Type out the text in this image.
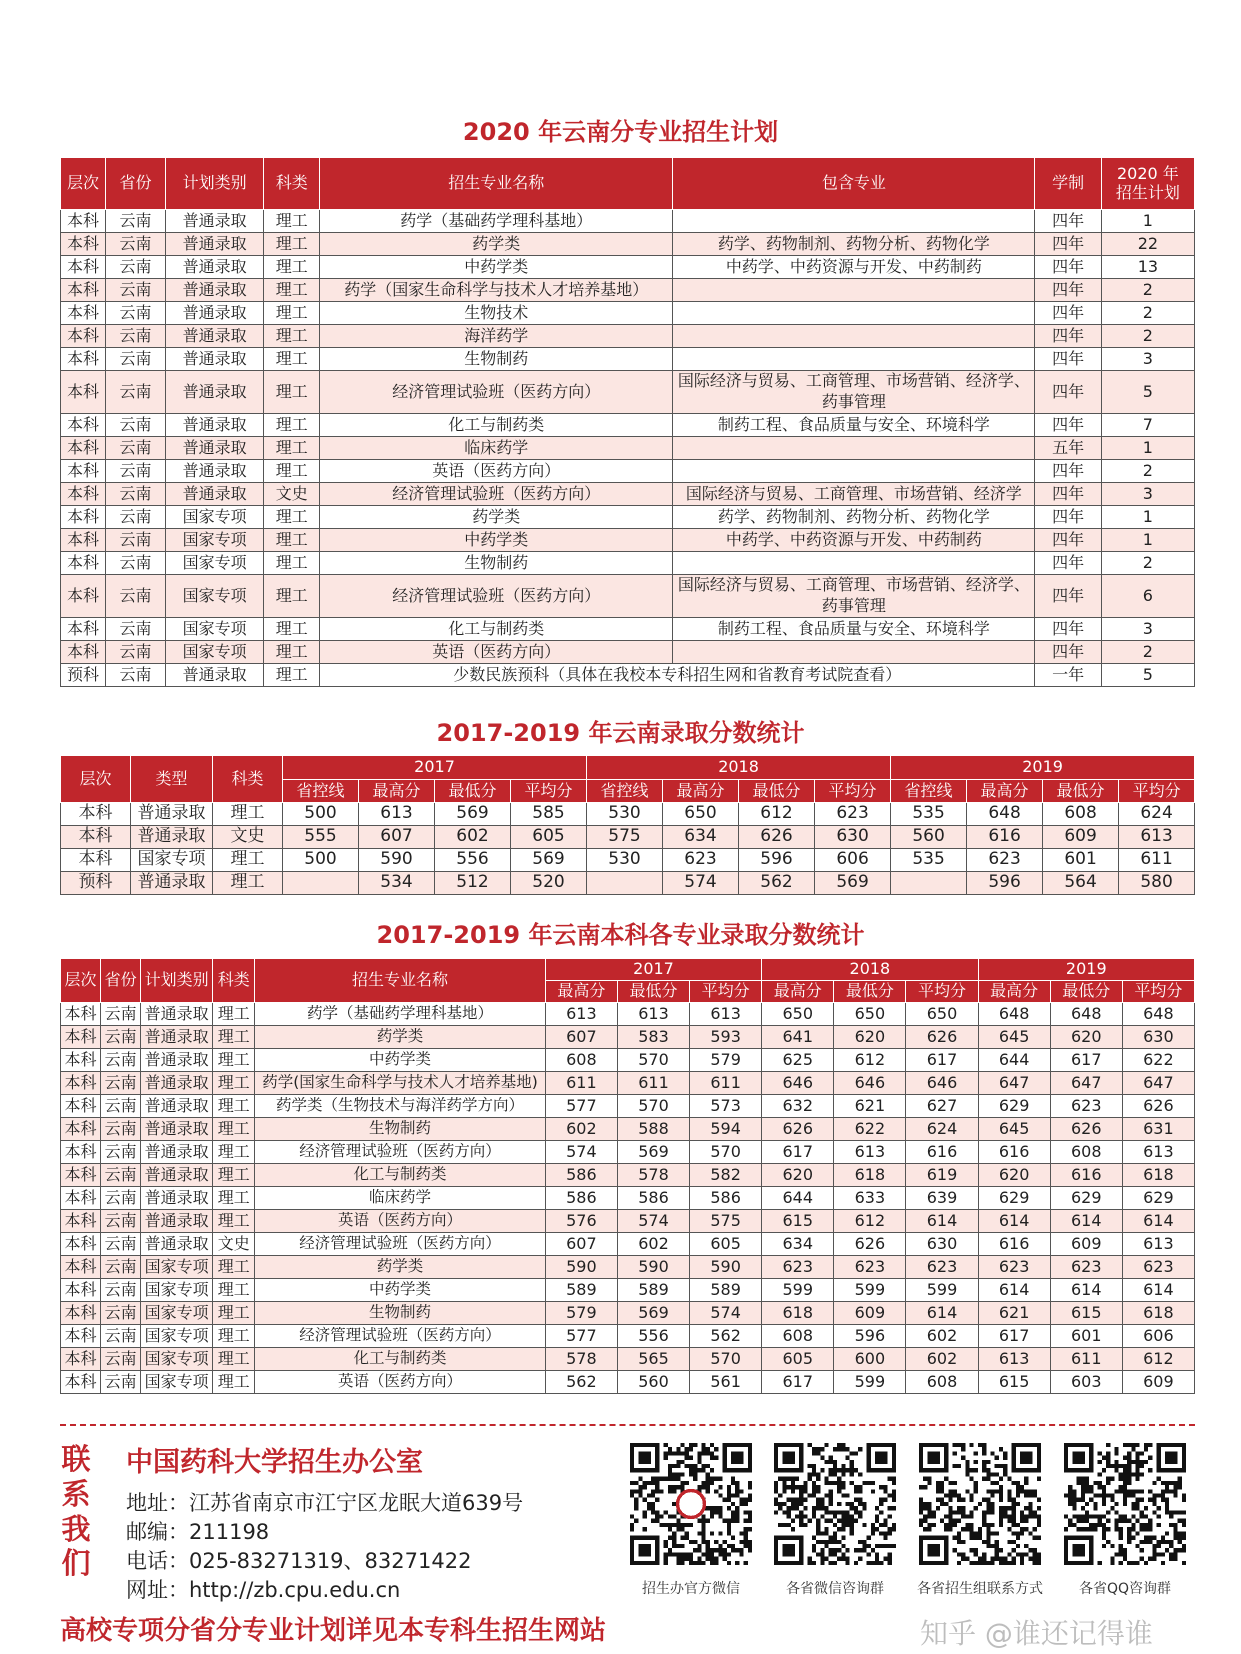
2020 年云南分专业招生计划
层次	省份	计划类别	科类	招生专业名称	包含专业	学制	2020 年
招生计划
本科	云南	普通录取	理工	药学（基础药学理科基地）		四年	1
本科	云南	普通录取	理工	药学类	药学、药物制剂、药物分析、药物化学	四年	22
本科	云南	普通录取	理工	中药学类	中药学、中药资源与开发、中药制药	四年	13
本科	云南	普通录取	理工	药学（国家生命科学与技术人才培养基地）		四年	2
本科	云南	普通录取	理工	生物技术		四年	2
本科	云南	普通录取	理工	海洋药学		四年	2
本科	云南	普通录取	理工	生物制药		四年	3
本科	云南	普通录取	理工	经济管理试验班（医药方向）	国际经济与贸易、工商管理、市场营销、经济学、药事管理	四年	5
本科	云南	普通录取	理工	化工与制药类	制药工程、食品质量与安全、环境科学	四年	7
本科	云南	普通录取	理工	临床药学		五年	1
本科	云南	普通录取	理工	英语（医药方向）		四年	2
本科	云南	普通录取	文史	经济管理试验班（医药方向）	国际经济与贸易、工商管理、市场营销、经济学	四年	3
本科	云南	国家专项	理工	药学类	药学、药物制剂、药物分析、药物化学	四年	1
本科	云南	国家专项	理工	中药学类	中药学、中药资源与开发、中药制药	四年	1
本科	云南	国家专项	理工	生物制药		四年	2
本科	云南	国家专项	理工	经济管理试验班（医药方向）	国际经济与贸易、工商管理、市场营销、经济学、药事管理	四年	6
本科	云南	国家专项	理工	化工与制药类	制药工程、食品质量与安全、环境科学	四年	3
本科	云南	国家专项	理工	英语（医药方向）		四年	2
预科	云南	普通录取	理工	少数民族预科（具体在我校本专科招生网和省教育考试院查看）		一年	5
2017-2019 年云南录取分数统计
层次	类型	科类	2017				2018				2019			
			省控线	最高分	最低分	平均分	省控线	最高分	最低分	平均分	省控线	最高分	最低分	平均分
本科	普通录取	理工	500	613	569	585	530	650	612	623	535	648	608	624
本科	普通录取	文史	555	607	602	605	575	634	626	630	560	616	609	613
本科	国家专项	理工	500	590	556	569	530	623	596	606	535	623	601	611
预科	普通录取	理工		534	512	520		574	562	569		596	564	580
2017-2019 年云南本科各专业录取分数统计
层次	省份	计划类别	科类	招生专业名称	2017			2018			2019		
					最高分	最低分	平均分	最高分	最低分	平均分	最高分	最低分	平均分
本科	云南	普通录取	理工	药学（基础药学理科基地）	613	613	613	650	650	650	648	648	648
本科	云南	普通录取	理工	药学类	607	583	593	641	620	626	645	620	630
本科	云南	普通录取	理工	中药学类	608	570	579	625	612	617	644	617	622
本科	云南	普通录取	理工	药学(国家生命科学与技术人才培养基地)	611	611	611	646	646	646	647	647	647
本科	云南	普通录取	理工	药学类（生物技术与海洋药学方向）	577	570	573	632	621	627	629	623	626
本科	云南	普通录取	理工	生物制药	602	588	594	626	622	624	645	626	631
本科	云南	普通录取	理工	经济管理试验班（医药方向）	574	569	570	617	613	616	616	608	613
本科	云南	普通录取	理工	化工与制药类	586	578	582	620	618	619	620	616	618
本科	云南	普通录取	理工	临床药学	586	586	586	644	633	639	629	629	629
本科	云南	普通录取	理工	英语（医药方向）	576	574	575	615	612	614	614	614	614
本科	云南	普通录取	文史	经济管理试验班（医药方向）	607	602	605	634	626	630	616	609	613
本科	云南	国家专项	理工	药学类	590	590	590	623	623	623	623	623	623
本科	云南	国家专项	理工	中药学类	589	589	589	599	599	599	614	614	614
本科	云南	国家专项	理工	生物制药	579	569	574	618	609	614	621	615	618
本科	云南	国家专项	理工	经济管理试验班（医药方向）	577	556	562	608	596	602	617	601	606
本科	云南	国家专项	理工	化工与制药类	578	565	570	605	600	602	613	611	612
本科	云南	国家专项	理工	英语（医药方向）	562	560	561	617	599	608	615	603	609
联
系
我
们
中国药科大学招生办公室
地址：江苏省南京市江宁区龙眠大道639号
邮编：211198
电话：025-83271319、83271422
网址：http://zb.cpu.edu.cn	招生办官方微信	各省微信咨询群	各省招生组联系方式	各省QQ咨询群
高校专项分省分专业计划详见本专科生招生网站	知乎 @谁还记得谁
